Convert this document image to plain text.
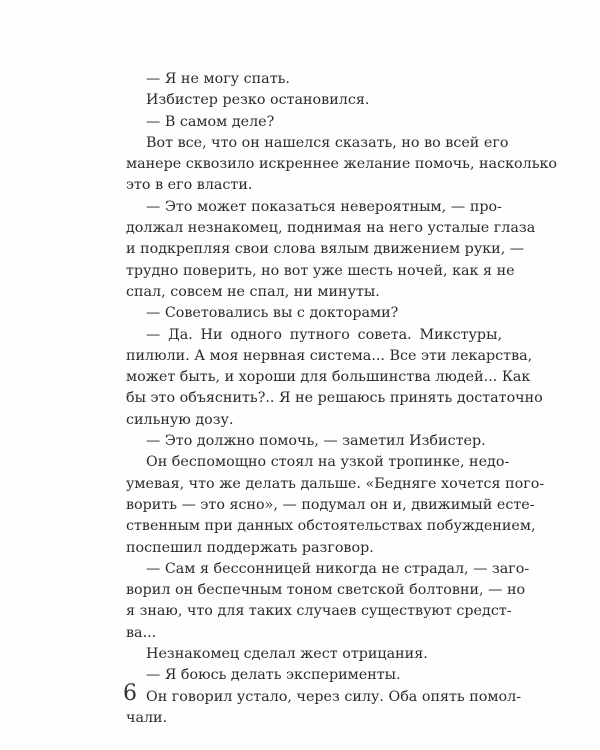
— Я не могу спать.
Избистер резко остановился.
— В самом деле?
Вот все, что он нашелся сказать, но во всей его
манере сквозило искреннее желание помочь, насколько
это в его власти.
— Это может показаться невероятным, — про-
должал незнакомец, поднимая на него усталые глаза
и подкрепляя свои слова вялым движением руки, —
трудно поверить, но вот уже шесть ночей, как я не
спал, совсем не спал, ни минуты.
— Советовались вы с докторами?
— Да. Ни одного путного совета. Микстуры,
пилюли. А моя нервная система... Все эти лекарства,
может быть, и хороши для большинства людей... Как
бы это объяснить?.. Я не решаюсь принять достаточно
сильную дозу.
— Это должно помочь, — заметил Избистер.
Он беспомощно стоял на узкой тропинке, недо-
умевая, что же делать дальше. «Бедняге хочется пого-
ворить — это ясно», — подумал он и, движимый есте-
ственным при данных обстоятельствах побуждением,
поспешил поддержать разговор.
— Сам я бессонницей никогда не страдал, — заго-
ворил он беспечным тоном светской болтовни, — но
я знаю, что для таких случаев существуют средст-
ва...
Незнакомец сделал жест отрицания.
— Я боюсь делать эксперименты.
Он говорил устало, через силу. Оба опять помол-
чали.
6
